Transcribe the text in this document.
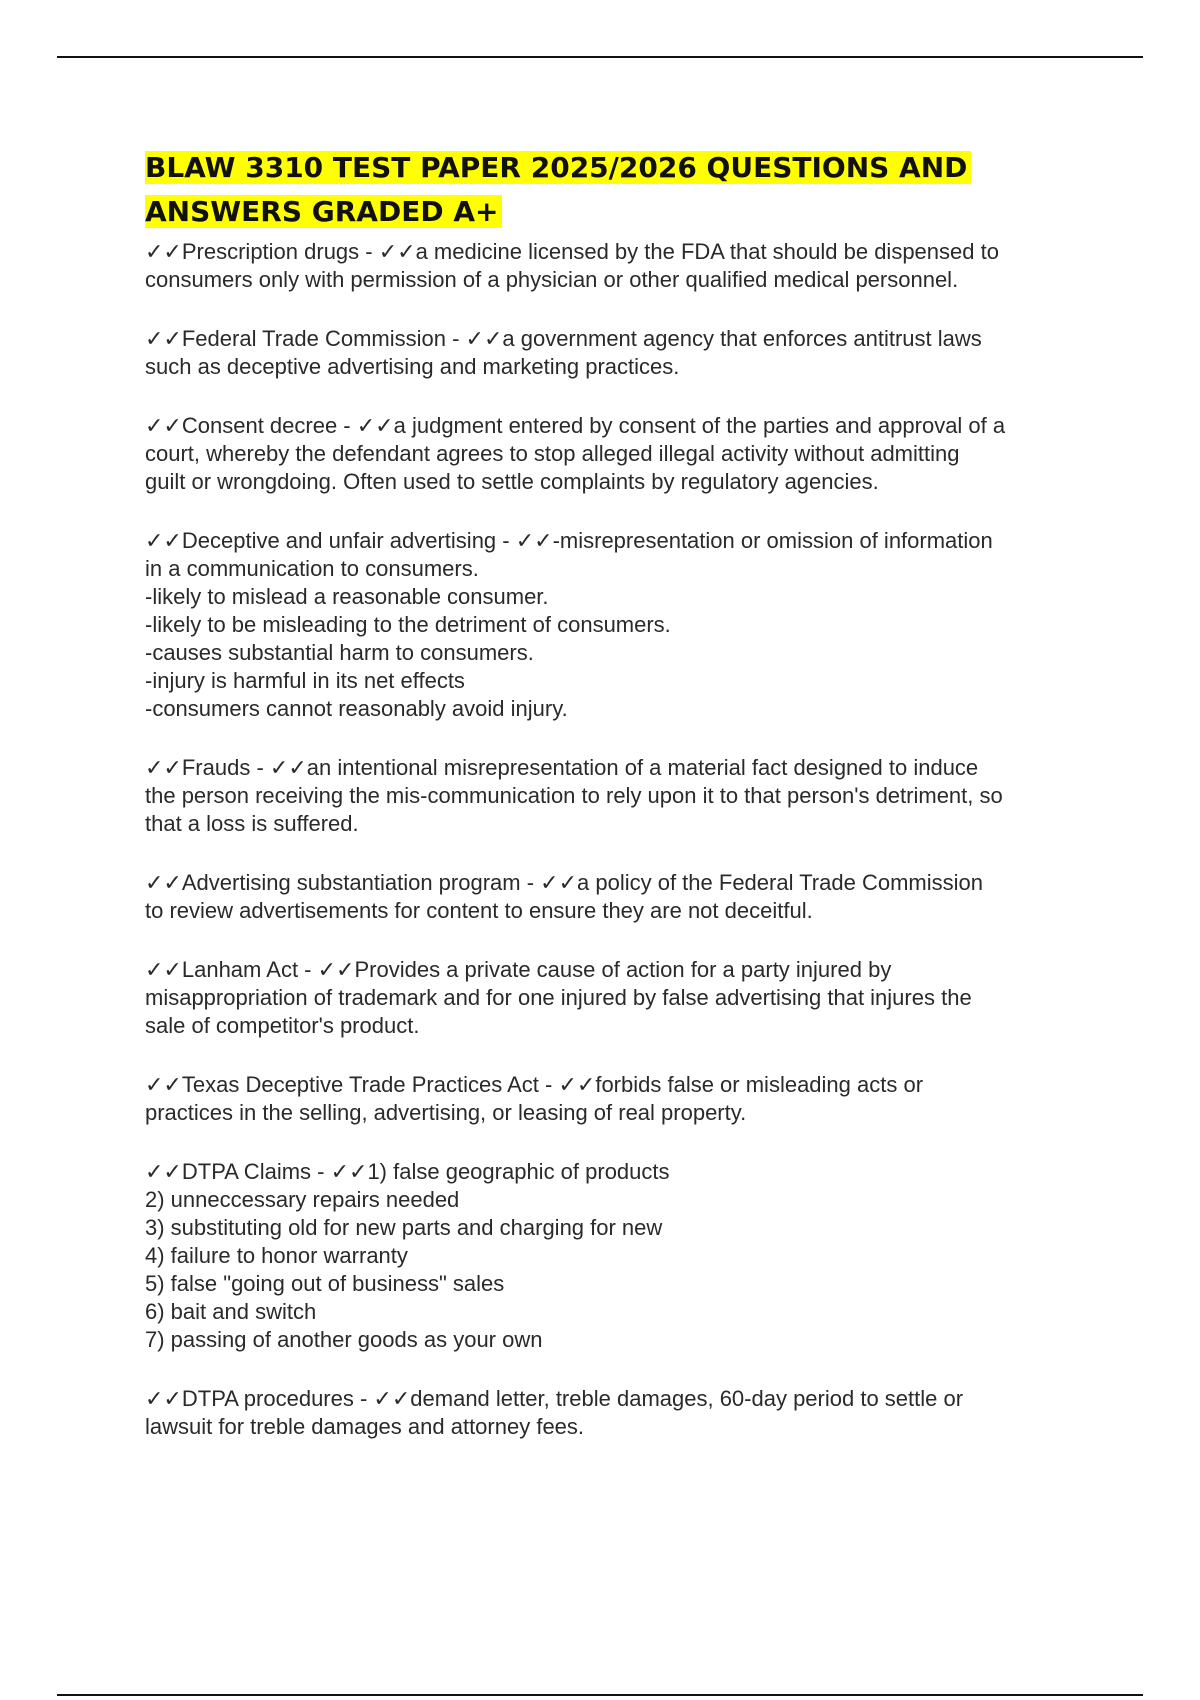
BLAW 3310 TEST PAPER 2025/2026 QUESTIONS AND
ANSWERS GRADED A+
✓✓Prescription drugs - ✓✓a medicine licensed by the FDA that should be dispensed to
consumers only with permission of a physician or other qualified medical personnel.
✓✓Federal Trade Commission - ✓✓a government agency that enforces antitrust laws
such as deceptive advertising and marketing practices.
✓✓Consent decree - ✓✓a judgment entered by consent of the parties and approval of a
court, whereby the defendant agrees to stop alleged illegal activity without admitting
guilt or wrongdoing. Often used to settle complaints by regulatory agencies.
✓✓Deceptive and unfair advertising - ✓✓-misrepresentation or omission of information
in a communication to consumers.
-likely to mislead a reasonable consumer.
-likely to be misleading to the detriment of consumers.
-causes substantial harm to consumers.
-injury is harmful in its net effects
-consumers cannot reasonably avoid injury.
✓✓Frauds - ✓✓an intentional misrepresentation of a material fact designed to induce
the person receiving the mis-communication to rely upon it to that person's detriment, so
that a loss is suffered.
✓✓Advertising substantiation program - ✓✓a policy of the Federal Trade Commission
to review advertisements for content to ensure they are not deceitful.
✓✓Lanham Act - ✓✓Provides a private cause of action for a party injured by
misappropriation of trademark and for one injured by false advertising that injures the
sale of competitor's product.
✓✓Texas Deceptive Trade Practices Act - ✓✓forbids false or misleading acts or
practices in the selling, advertising, or leasing of real property.
✓✓DTPA Claims - ✓✓1) false geographic of products
2) unneccessary repairs needed
3) substituting old for new parts and charging for new
4) failure to honor warranty
5) false "going out of business" sales
6) bait and switch
7) passing of another goods as your own
✓✓DTPA procedures - ✓✓demand letter, treble damages, 60-day period to settle or
lawsuit for treble damages and attorney fees.
